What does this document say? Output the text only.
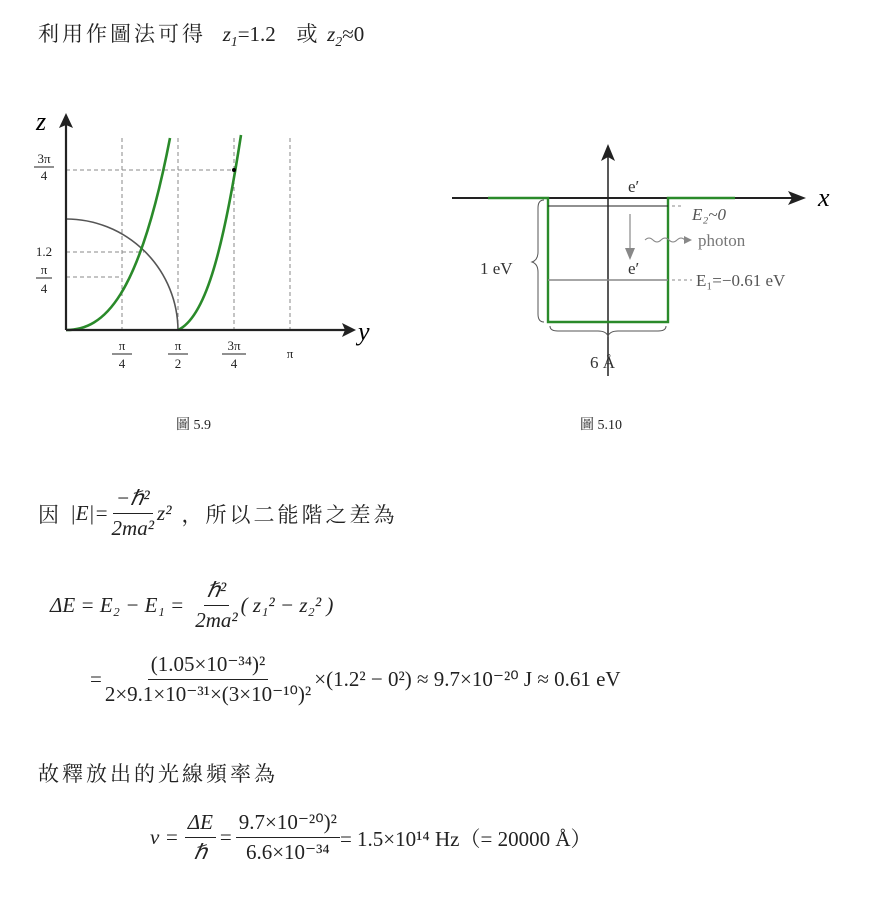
利用作圖法可得 $z_1=1.2$ 或 $z_2\approx 0$
z
y
3π
4
1.2
π
4
π
4
π
2
3π
4
π
x
e′
e′
E₂~0
photon
E₁=−0.61 eV
1 eV
6 Å
圖 5.9	圖 5.10
因 $|E|= \frac{\text{−ℏ²}}{\text{2ma²}} z^2$ ，所以二能階之差為
$\Delta E = E_2 - E_1 = \frac{\text{ℏ²}}{\text{2ma²}}$ ( z₁² − z₂² )
= $\frac{\text{(1.05×10⁻³⁴)²}}{\text{2×9.1×10⁻³¹×(3×10⁻¹⁰)²}} \times(1.2^2 - 0^2) \approx 9.7\times 10^{-20}$ J ≈ 0.61 eV
故釋放出的光線頻率為
$\nu = \frac{\Delta E}{\text{ℏ}} = \frac{\text{9.7×10⁻²⁰)²}}{\text{6.6×10⁻³⁴}} = 1.5\times 10^{14}$ Hz（= 20000 Å）
